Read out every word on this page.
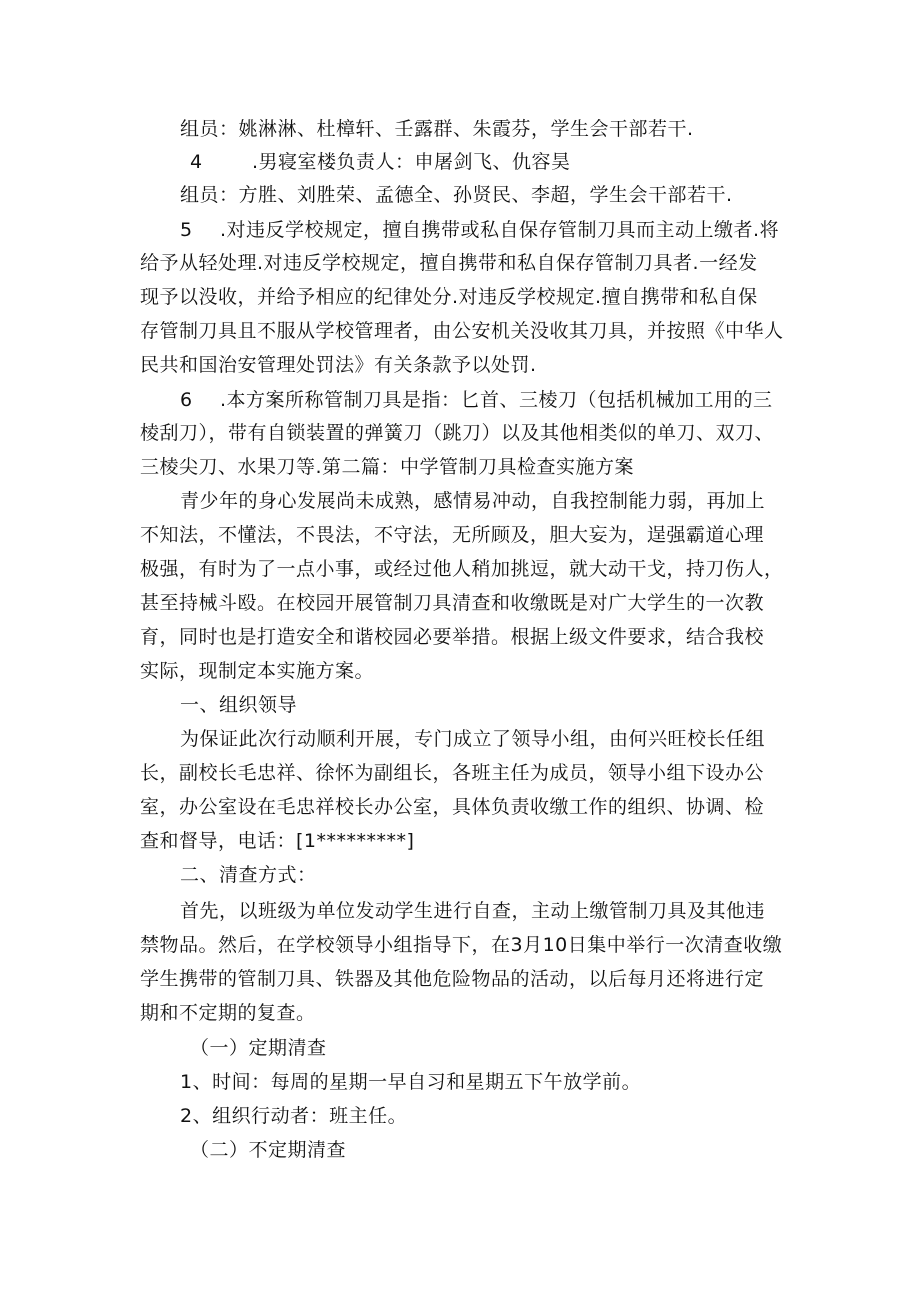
组员：姚淋淋、杜樟轩、壬露群、朱霞芬，学生会干部若干.
4	.男寝室楼负责人：申屠剑飞、仇容昊
组员：方胜、刘胜荣、孟德全、孙贤民、李超，学生会干部若干.
5 .对违反学校规定，擅自携带或私自保存管制刀具而主动上缴者.将
给予从轻处理.对违反学校规定，擅自携带和私自保存管制刀具者.一经发
现予以没收，并给予相应的纪律处分.对违反学校规定.擅自携带和私自保
存管制刀具且不服从学校管理者，由公安机关没收其刀具，并按照《中华人
民共和国治安管理处罚法》有关条款予以处罚.
6 .本方案所称管制刀具是指：匕首、三棱刀（包括机械加工用的三
棱刮刀），带有自锁装置的弹簧刀（跳刀）以及其他相类似的单刀、双刀、
三棱尖刀、水果刀等.第二篇：中学管制刀具检查实施方案
青少年的身心发展尚未成熟，感情易冲动，自我控制能力弱，再加上
不知法，不懂法，不畏法，不守法，无所顾及，胆大妄为，逞强霸道心理
极强，有时为了一点小事，或经过他人稍加挑逗，就大动干戈，持刀伤人，
甚至持械斗殴。在校园开展管制刀具清查和收缴既是对广大学生的一次教
育，同时也是打造安全和谐校园必要举措。根据上级文件要求，结合我校
实际，现制定本实施方案。
一、组织领导
为保证此次行动顺利开展，专门成立了领导小组，由何兴旺校长任组
长，副校长毛忠祥、徐怀为副组长，各班主任为成员，领导小组下设办公
室，办公室设在毛忠祥校长办公室，具体负责收缴工作的组织、协调、检
查和督导，电话：[1*********]
二、清查方式：
首先，以班级为单位发动学生进行自查，主动上缴管制刀具及其他违
禁物品。然后，在学校领导小组指导下，在3月10日集中举行一次清查收缴
学生携带的管制刀具、铁器及其他危险物品的活动，以后每月还将进行定
期和不定期的复查。
（一）定期清查
1、时间：每周的星期一早自习和星期五下午放学前。
2、组织行动者：班主任。
（二）不定期清查
